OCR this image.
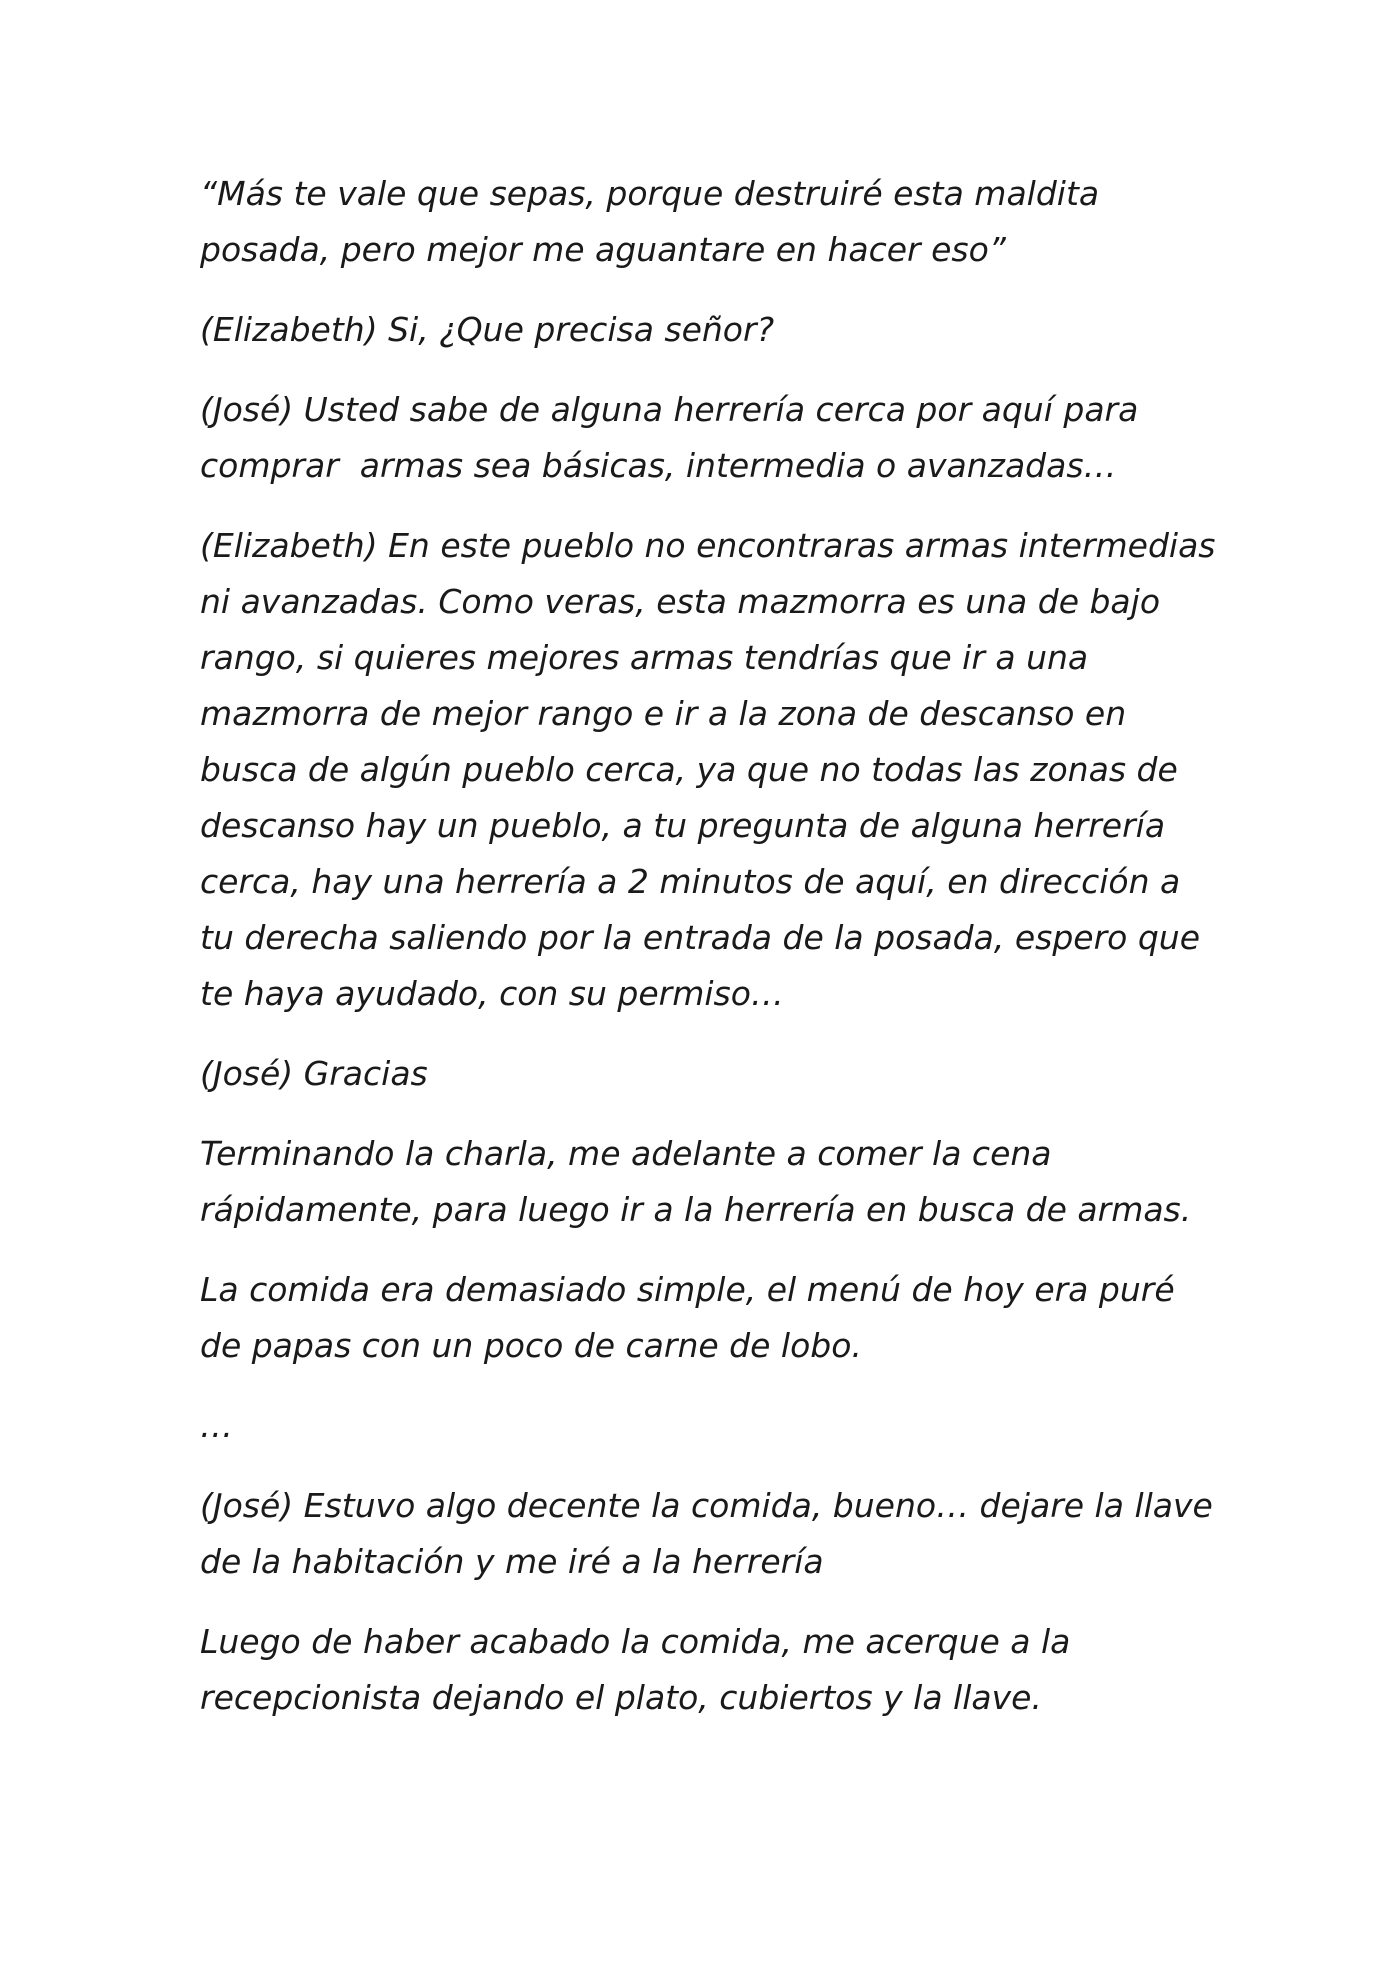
“Más te vale que sepas, porque destruiré esta maldita posada, pero mejor me aguantare en hacer eso”

(Elizabeth) Si, ¿Que precisa señor?

(José) Usted sabe de alguna herrería cerca por aquí para comprar  armas sea básicas, intermedia o avanzadas…

(Elizabeth) En este pueblo no encontraras armas intermedias ni avanzadas. Como veras, esta mazmorra es una de bajo rango, si quieres mejores armas tendrías que ir a una mazmorra de mejor rango e ir a la zona de descanso en busca de algún pueblo cerca, ya que no todas las zonas de descanso hay un pueblo, a tu pregunta de alguna herrería cerca, hay una herrería a 2 minutos de aquí, en dirección a tu derecha saliendo por la entrada de la posada, espero que te haya ayudado, con su permiso…

(José) Gracias

Terminando la charla, me adelante a comer la cena rápidamente, para luego ir a la herrería en busca de armas.

La comida era demasiado simple, el menú de hoy era puré de papas con un poco de carne de lobo.

…

(José) Estuvo algo decente la comida, bueno… dejare la llave de la habitación y me iré a la herrería

Luego de haber acabado la comida, me acerque a la recepcionista dejando el plato, cubiertos y la llave.
